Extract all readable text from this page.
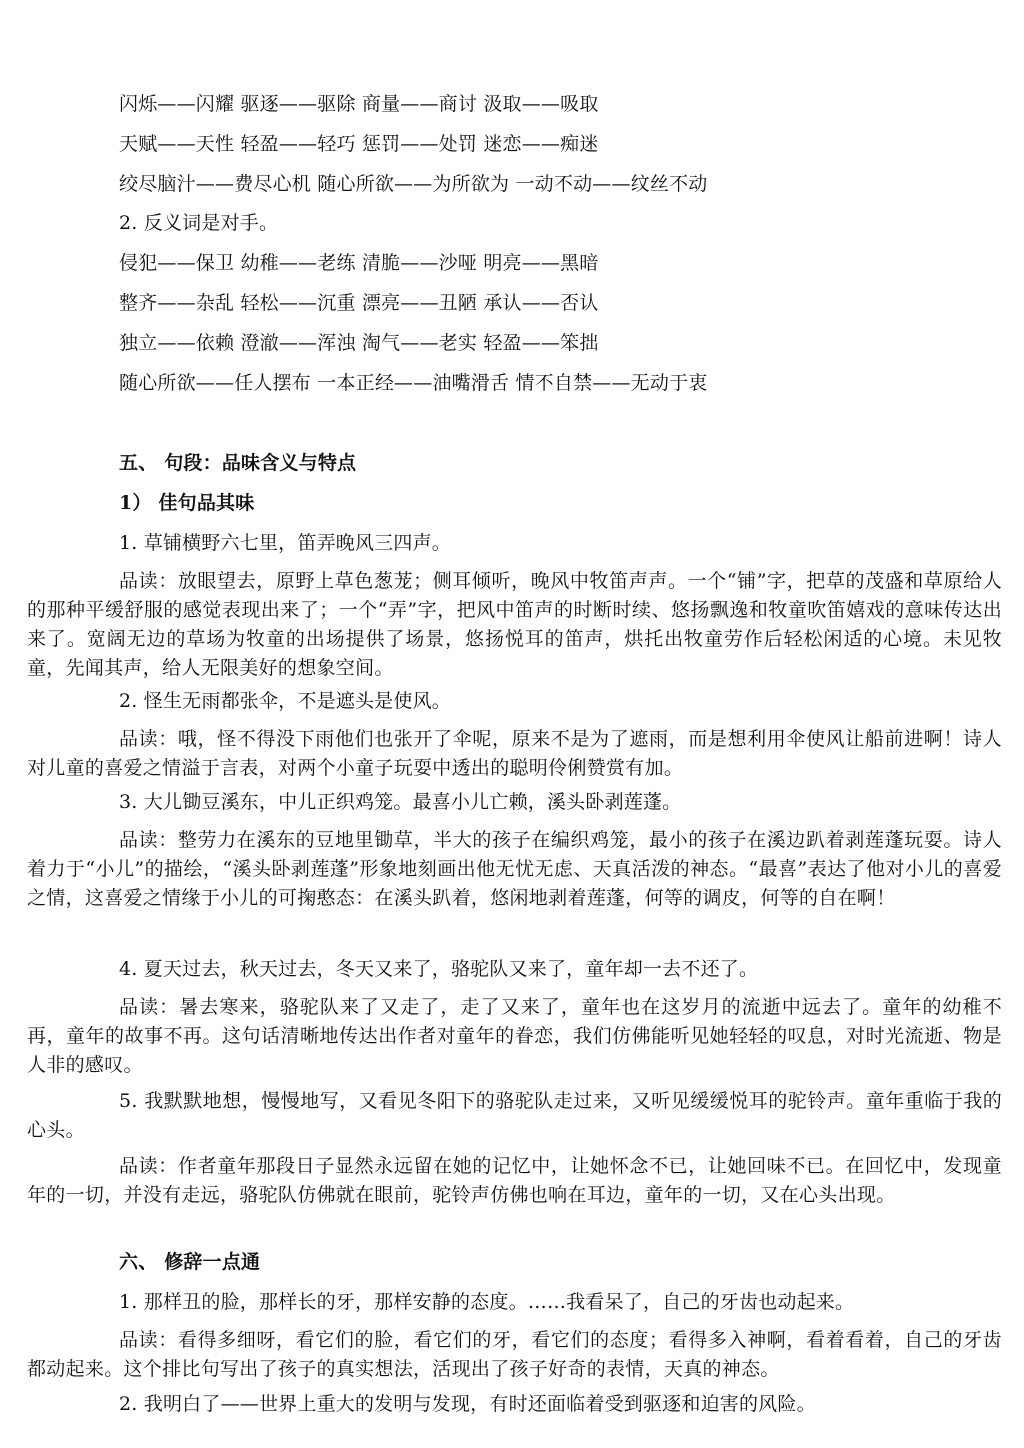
闪烁——闪耀 驱逐——驱除 商量——商讨 汲取——吸取
天赋——天性 轻盈——轻巧 惩罚——处罚 迷恋——痴迷
绞尽脑汁——费尽心机 随心所欲——为所欲为 一动不动——纹丝不动
2. 反义词是对手。
侵犯——保卫 幼稚——老练 清脆——沙哑 明亮——黑暗
整齐——杂乱 轻松——沉重 漂亮——丑陋 承认——否认
独立——依赖 澄澈——浑浊 淘气——老实 轻盈——笨拙
随心所欲——任人摆布 一本正经——油嘴滑舌 情不自禁——无动于衷
五、 句段：品味含义与特点
1） 佳句品其味
1. 草铺横野六七里，笛弄晚风三四声。
品读：放眼望去，原野上草色葱茏；侧耳倾听，晚风中牧笛声声。一个“铺”字，把草的茂盛和草原给人的那种平缓舒服的感觉表现出来了；一个“弄”字，把风中笛声的时断时续、悠扬飘逸和牧童吹笛嬉戏的意味传达出来了。宽阔无边的草场为牧童的出场提供了场景，悠扬悦耳的笛声，烘托出牧童劳作后轻松闲适的心境。未见牧童，先闻其声，给人无限美好的想象空间。
2. 怪生无雨都张伞，不是遮头是使风。
品读：哦，怪不得没下雨他们也张开了伞呢，原来不是为了遮雨，而是想利用伞使风让船前进啊！诗人对儿童的喜爱之情溢于言表，对两个小童子玩耍中透出的聪明伶俐赞赏有加。
3. 大儿锄豆溪东，中儿正织鸡笼。最喜小儿亡赖，溪头卧剥莲蓬。
品读：整劳力在溪东的豆地里锄草，半大的孩子在编织鸡笼，最小的孩子在溪边趴着剥莲蓬玩耍。诗人着力于“小儿”的描绘，“溪头卧剥莲蓬”形象地刻画出他无忧无虑、天真活泼的神态。“最喜”表达了他对小儿的喜爱之情，这喜爱之情缘于小儿的可掬憨态：在溪头趴着，悠闲地剥着莲蓬，何等的调皮，何等的自在啊！
4. 夏天过去，秋天过去，冬天又来了，骆驼队又来了，童年却一去不还了。
品读：暑去寒来，骆驼队来了又走了，走了又来了，童年也在这岁月的流逝中远去了。童年的幼稚不再，童年的故事不再。这句话清晰地传达出作者对童年的眷恋，我们仿佛能听见她轻轻的叹息，对时光流逝、物是人非的感叹。
5. 我默默地想，慢慢地写，又看见冬阳下的骆驼队走过来，又听见缓缓悦耳的驼铃声。童年重临于我的心头。
品读：作者童年那段日子显然永远留在她的记忆中，让她怀念不已，让她回味不已。在回忆中，发现童年的一切，并没有走远，骆驼队仿佛就在眼前，驼铃声仿佛也响在耳边，童年的一切，又在心头出现。
六、 修辞一点通
1. 那样丑的脸，那样长的牙，那样安静的态度。……我看呆了，自己的牙齿也动起来。
品读：看得多细呀，看它们的脸，看它们的牙，看它们的态度；看得多入神啊，看着看着，自己的牙齿都动起来。这个排比句写出了孩子的真实想法，活现出了孩子好奇的表情，天真的神态。
2. 我明白了——世界上重大的发明与发现，有时还面临着受到驱逐和迫害的风险。
